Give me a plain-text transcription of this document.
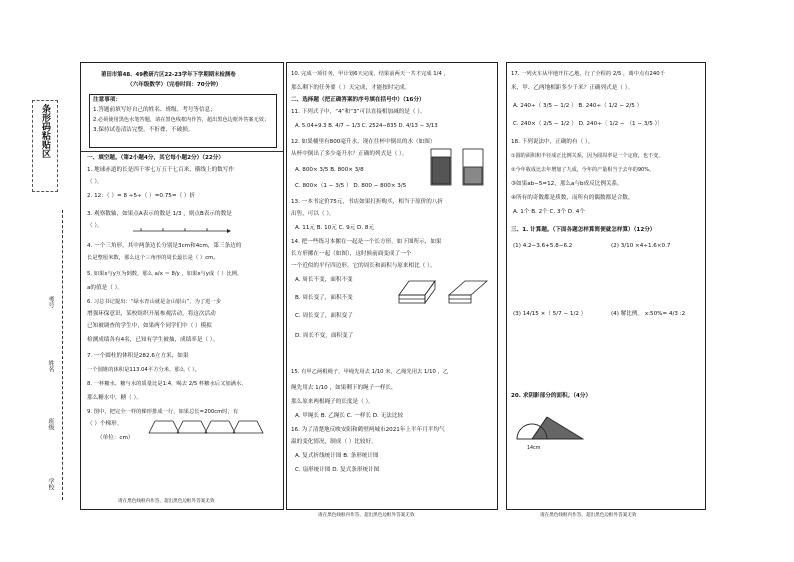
条形码粘贴区
考号
姓名
班级
学校
莆田市第48、49教研片区22-23学年下学期期末检测卷
（六年级数学）（完卷时间：70分钟）
注意事项：
1.答题前填写好自己的姓名、班级、考号等信息；
2.必须使用黑色水笔答题，请在黑色线框内作答，超出黑色边框外答案无效；
3.保持试卷清洁完整，不折叠、不破损。
一、填空题。（第2小题4分，其它每小题2分）（22分）
1. 地球赤道的长是四千零七万五千七百米，横线上的数写作
（ ）。
2. 12：（ ）= 8 ÷5÷（ ）=0.75=（ ）折
3. 观察数轴，如果点A表示的数是 1/3 ，则点B表示的数是
（ ）。
4. 一个三角形，其中两条边长分别是3cm和4cm，第三条边的
长是整厘米数，那么这个三角形的周长最长是（ ）cm。
5. 如果x与y互为倒数，那么 a/x ＝ 8/y ，如果x与y成（ ）比例，
a的值是（ ）。
6. 习总书记提出：“绿水青山就是金山银山”，为了进一步
增强环保意识，某校组织开展参观活动，将这次活动
已知被调查的学生中，如果两个同学们中（ ）模拟
检测成绩各有4名，已知有学生被抽，成绩率是（ ）。
7. 一个圆柱的体积是282.6立方米，如果
一个圆锥的体积是113.04平方分米，那么（ ）。
8. 一杯糖水，糖与水的质量比是1:4，喝去 2/5 杯糖水后又加满水，
那么糖水中，糖（ ）。
9. 图中，把完全一样的梯形排成一行，如果总长=200cm时，有
（ ）个梯形。
（单位：cm）
10. 完成一项任务，甲计划6天完成，结果前两天一共才完成 1/4 ，
那么剩下的任务要（ ）天完成，才能按时完成。
二、选择题（把正确答案的序号填在括号中）（16分）
11. 下列式子中，“4”和“3”可以直接相加减的是（ ）。
A. 5.04+9.3 B. 4/7 − 1/3 C. 2524−835 D. 4/13 − 3/13
12. 如果桶里有800毫升水，现在往杯中倒出的水（如图）
从杯中倒出了多少毫升水？正确的列式是（ ）。
A. 800× 3/5 B. 800× 3/8
C. 800×（1 − 3/5 ） D. 800 − 800× 3/5
13. 一本书定价75元，书店如果打折购买，相当于原价的八折
出售，可以（ ）。
A. 11元 B. 10元 C. 9元 D. 8元
14. 把一些练习本摞在一起是一个长方形，如下图所示，如果
长方形摞在一起（如图），这时候前面变成了一个
一个近似的平行四边形，它的周长和面积与原来相比（ ）。
A. 周长不变，面积不变
B. 周长变了，面积不变
C. 周长变了，面积变了
D. 周长不变，面积变了
15. 有甲乙两根绳子，甲绳先用去 1/10 米，乙绳先用去 1/10 ，乙
绳先用去 1/10 ，如果剩下的绳子一样长，
那么原来两根绳子的长度是（ ）。
A. 甲绳长 B. 乙绳长 C. 一样长 D. 无法比较
16. 为了清楚地反映安阳和鹤壁两城市2021年上半年月平均气
温的变化情况，制成（ ）比较好。
A. 复式折线统计图 B. 条形统计图
C. 扇形统计图 D. 复式条形统计图
17. 一列火车从甲地开往乙地，行了全程的 2/5 ，离中点有240千
米，甲、乙两地相距多少千米？正确列式是（ ）。
A. 240÷（ 3/5 − 1/2 ） B. 240÷（ 1/2 − 2/5 ）
C. 240×（ 2/5 − 1/2 ） D. 240÷〔 1/2 − （1 − 3/5 ）〕
18. 下列说法中，正确的有（ ）。
①圆的面积和半径成正比例关系，因为圆周率是一个定值，也不变。
②今年收成比去年增加了九成，今年的产量相当于去年的90%。
③如果ab−5=12，那么a与b成反比例关系。
④所有的奇数都是质数，而所有的偶数都是合数。
A. 1个 B. 2个 C. 3个 D. 4个
三、1. 计算题。（下面各题怎样算简便就怎样算）（12分）
(1) 4.2−3.6+5.8−6.2	(2) 3/10 ×4÷1.6×0.7
(3) 14/15 ×（ 5/7 − 1/2 ）	(4) 解比例。 x:50%= 4/3 :2
20. 求阴影部分的面积。（4分）
14cm
请在黑色线框内作答，超出黑色边框外答案无效
请在黑色线框内作答，超出黑色边框外答案无效	请在黑色线框内作答，超出黑色边框外答案无效
